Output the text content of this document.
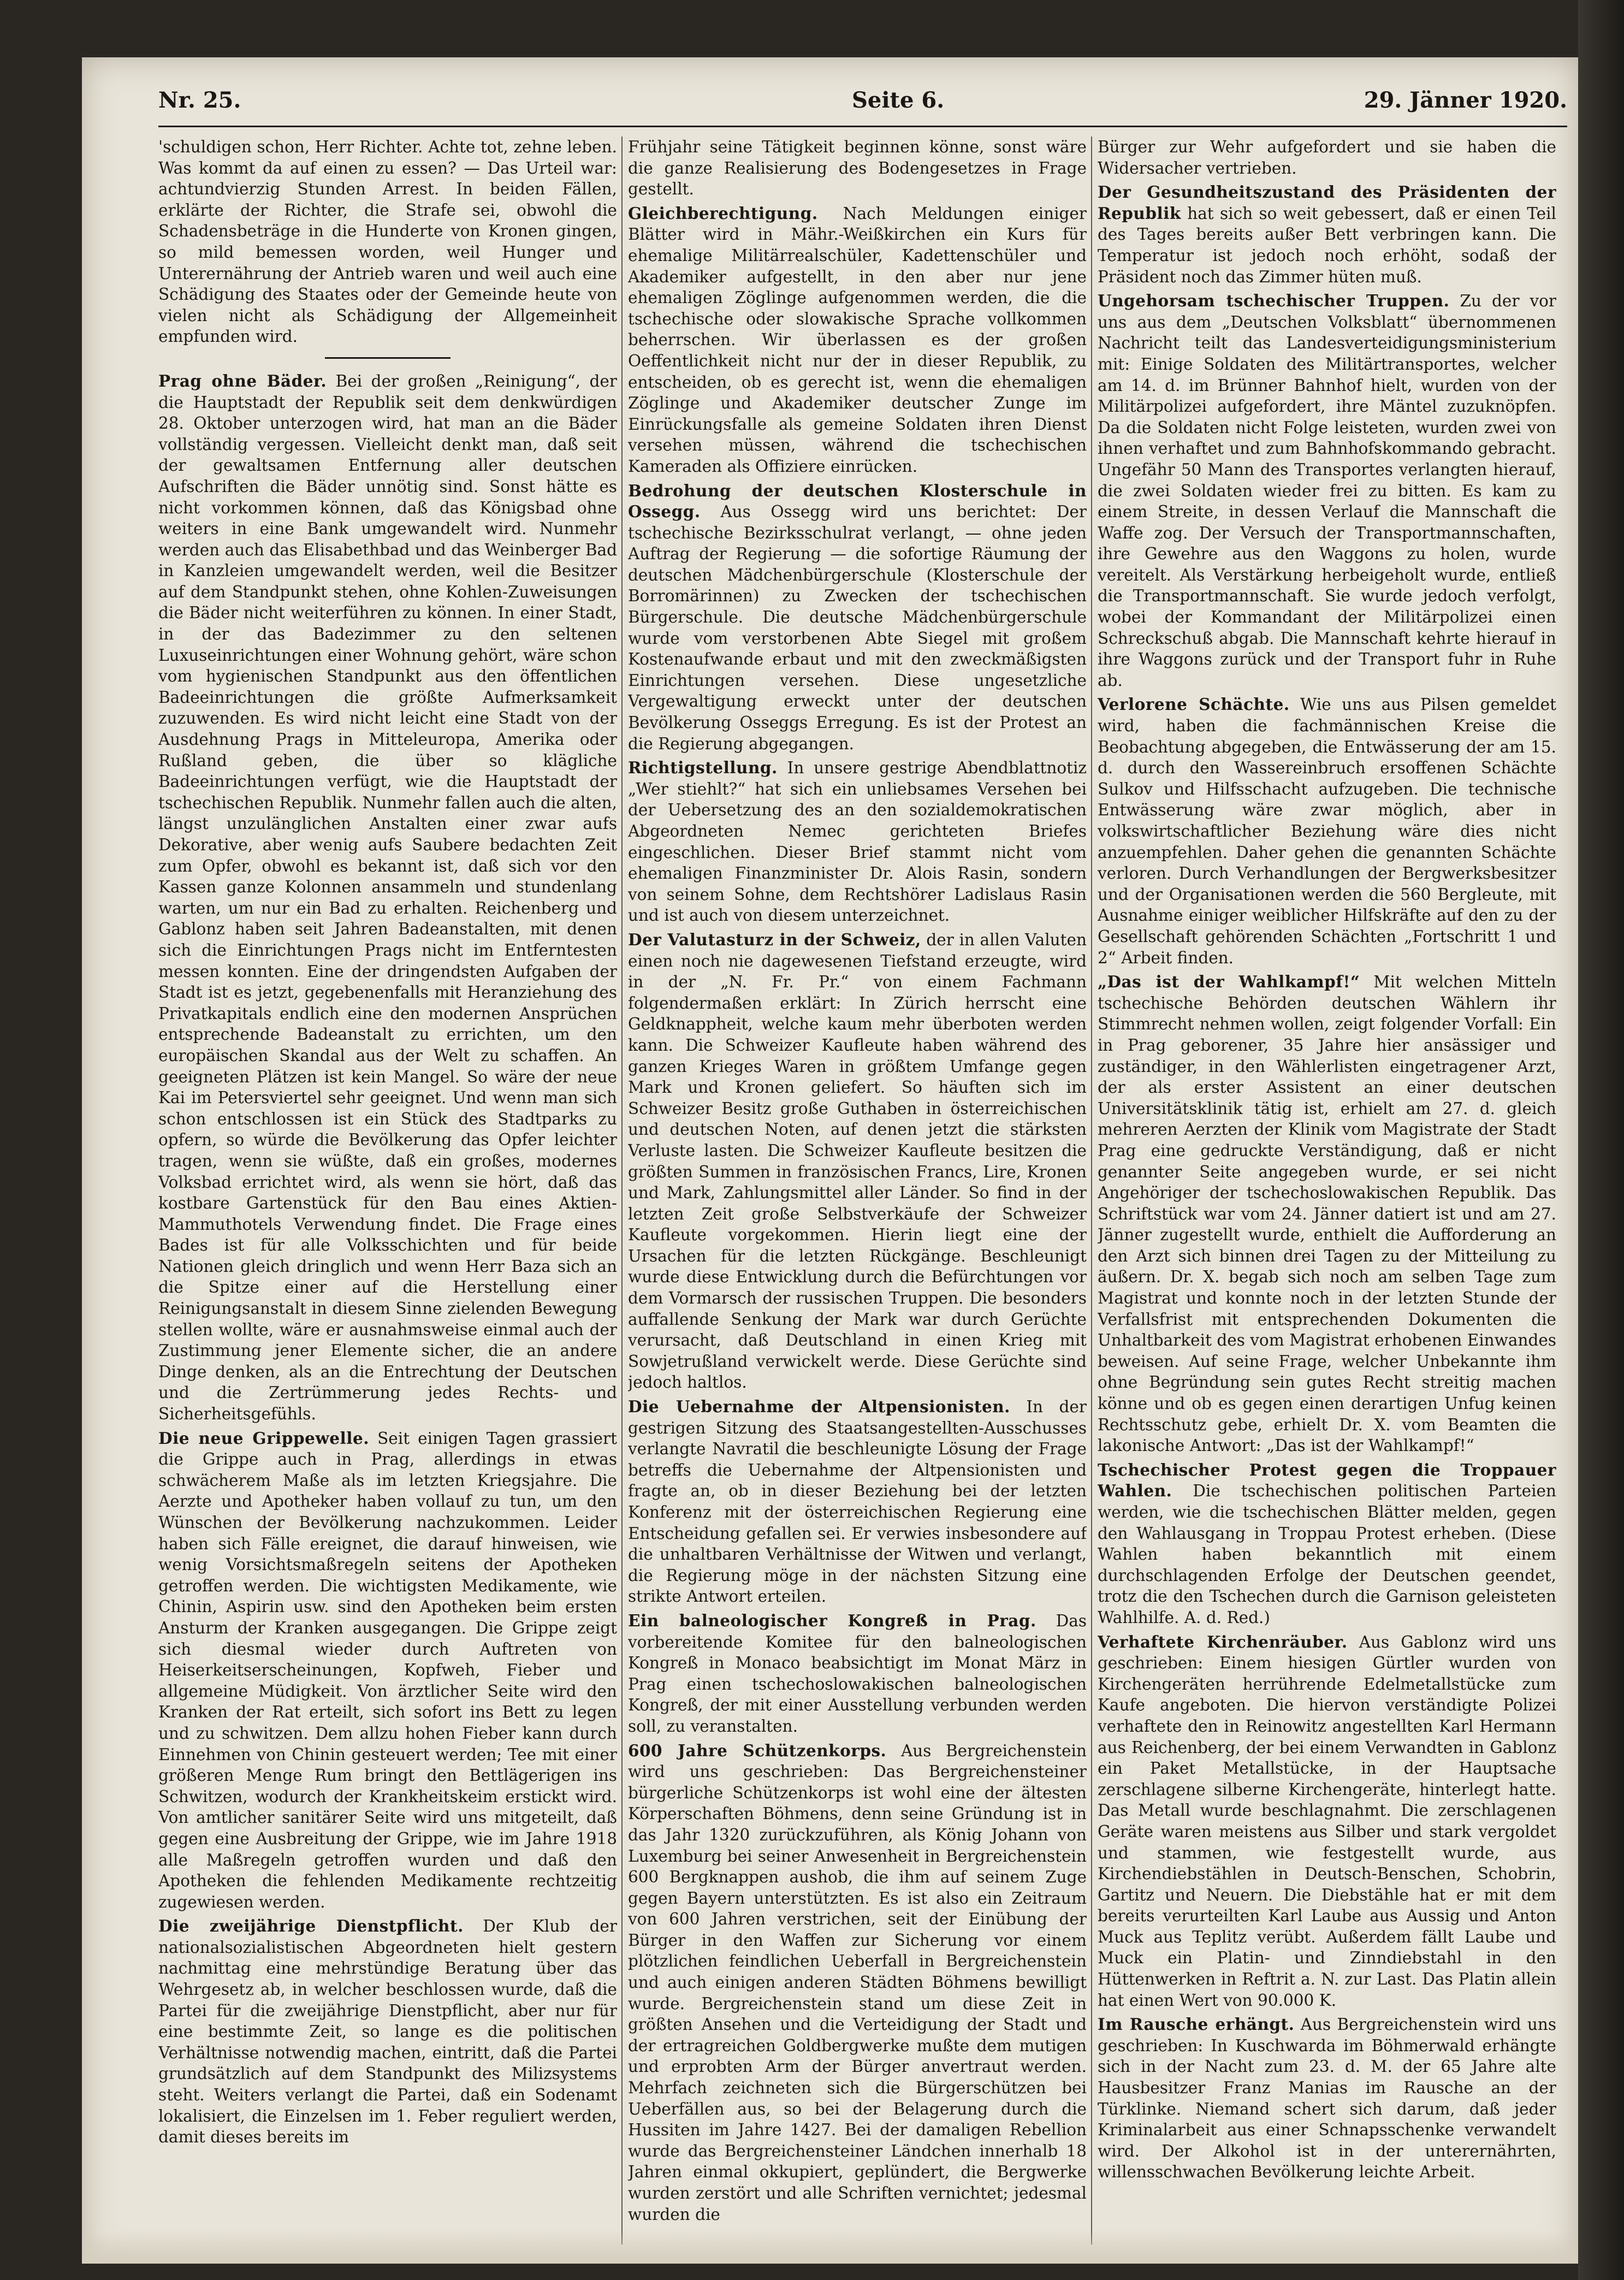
Nr. 25.	Seite 6.	29. Jänner 1920.

'schuldigen schon, Herr Richter. Achte tot, zehne leben. Was kommt da auf einen zu essen? — Das Urteil war: achtundvierzig Stunden Arrest. In beiden Fällen, erklärte der Richter, die Strafe sei, obwohl die Schadensbeträge in die Hunderte von Kronen gingen, so mild bemessen worden, weil Hunger und Unterernährung der Antrieb waren und weil auch eine Schädigung des Staates oder der Gemeinde heute von vielen nicht als Schädigung der Allgemeinheit empfunden wird.

Prag ohne Bäder. Bei der großen „Reinigung“, der die Hauptstadt der Republik seit dem denkwürdigen 28. Oktober unterzogen wird, hat man an die Bäder vollständig vergessen. Vielleicht denkt man, daß seit der gewaltsamen Entfernung aller deutschen Aufschriften die Bäder unnötig sind. Sonst hätte es nicht vorkommen können, daß das Königsbad ohne weiters in eine Bank umgewandelt wird. Nunmehr werden auch das Elisabethbad und das Weinberger Bad in Kanzleien umgewandelt werden, weil die Besitzer auf dem Standpunkt stehen, ohne Kohlen-Zuweisungen die Bäder nicht weiterführen zu können. In einer Stadt, in der das Badezimmer zu den seltenen Luxuseinrichtungen einer Wohnung gehört, wäre schon vom hygienischen Standpunkt aus den öffentlichen Badeeinrichtungen die größte Aufmerksamkeit zuzuwenden. Es wird nicht leicht eine Stadt von der Ausdehnung Prags in Mitteleuropa, Amerika oder Rußland geben, die über so klägliche Badeeinrichtungen verfügt, wie die Hauptstadt der tschechischen Republik. Nunmehr fallen auch die alten, längst unzulänglichen Anstalten einer zwar aufs Dekorative, aber wenig aufs Saubere bedachten Zeit zum Opfer, obwohl es bekannt ist, daß sich vor den Kassen ganze Kolonnen ansammeln und stundenlang warten, um nur ein Bad zu erhalten. Reichenberg und Gablonz haben seit Jahren Badeanstalten, mit denen sich die Einrichtungen Prags nicht im Entferntesten messen konnten. Eine der dringendsten Aufgaben der Stadt ist es jetzt, gegebenenfalls mit Heranziehung des Privatkapitals endlich eine den modernen Ansprüchen entsprechende Badeanstalt zu errichten, um den europäischen Skandal aus der Welt zu schaffen. An geeigneten Plätzen ist kein Mangel. So wäre der neue Kai im Petersviertel sehr geeignet. Und wenn man sich schon entschlossen ist ein Stück des Stadtparks zu opfern, so würde die Bevölkerung das Opfer leichter tragen, wenn sie wüßte, daß ein großes, modernes Volksbad errichtet wird, als wenn sie hört, daß das kostbare Gartenstück für den Bau eines Aktien-Mammuthotels Verwendung findet. Die Frage eines Bades ist für alle Volksschichten und für beide Nationen gleich dringlich und wenn Herr Baza sich an die Spitze einer auf die Herstellung einer Reinigungsanstalt in diesem Sinne zielenden Bewegung stellen wollte, wäre er ausnahmsweise einmal auch der Zustimmung jener Elemente sicher, die an andere Dinge denken, als an die Entrechtung der Deutschen und die Zertrümmerung jedes Rechts- und Sicherheitsgefühls.

Die neue Grippewelle. Seit einigen Tagen grassiert die Grippe auch in Prag, allerdings in etwas schwächerem Maße als im letzten Kriegsjahre. Die Aerzte und Apotheker haben vollauf zu tun, um den Wünschen der Bevölkerung nachzukommen. Leider haben sich Fälle ereignet, die darauf hinweisen, wie wenig Vorsichtsmaßregeln seitens der Apotheken getroffen werden. Die wichtigsten Medikamente, wie Chinin, Aspirin usw. sind den Apotheken beim ersten Ansturm der Kranken ausgegangen. Die Grippe zeigt sich diesmal wieder durch Auftreten von Heiserkeitserscheinungen, Kopfweh, Fieber und allgemeine Müdigkeit. Von ärztlicher Seite wird den Kranken der Rat erteilt, sich sofort ins Bett zu legen und zu schwitzen. Dem allzu hohen Fieber kann durch Einnehmen von Chinin gesteuert werden; Tee mit einer größeren Menge Rum bringt den Bettlägerigen ins Schwitzen, wodurch der Krankheitskeim erstickt wird. Von amtlicher sanitärer Seite wird uns mitgeteilt, daß gegen eine Ausbreitung der Grippe, wie im Jahre 1918 alle Maßregeln getroffen wurden und daß den Apotheken die fehlenden Medikamente rechtzeitig zugewiesen werden.

Die zweijährige Dienstpflicht. Der Klub der nationalsozialistischen Abgeordneten hielt gestern nachmittag eine mehrstündige Beratung über das Wehrgesetz ab, in welcher beschlossen wurde, daß die Partei für die zweijährige Dienstpflicht, aber nur für eine bestimmte Zeit, so lange es die politischen Verhältnisse notwendig machen, eintritt, daß die Partei grundsätzlich auf dem Standpunkt des Milizsystems steht. Weiters verlangt die Partei, daß ein Sodenamt lokalisiert, die Einzelsen im 1. Feber reguliert werden, damit dieses bereits im

Frühjahr seine Tätigkeit beginnen könne, sonst wäre die ganze Realisierung des Bodengesetzes in Frage gestellt.

Gleichberechtigung. Nach Meldungen einiger Blätter wird in Mähr.-Weißkirchen ein Kurs für ehemalige Militärrealschüler, Kadettenschüler und Akademiker aufgestellt, in den aber nur jene ehemaligen Zöglinge aufgenommen werden, die die tschechische oder slowakische Sprache vollkommen beherrschen. Wir überlassen es der großen Oeffentlichkeit nicht nur der in dieser Republik, zu entscheiden, ob es gerecht ist, wenn die ehemaligen Zöglinge und Akademiker deutscher Zunge im Einrückungsfalle als gemeine Soldaten ihren Dienst versehen müssen, während die tschechischen Kameraden als Offiziere einrücken.

Bedrohung der deutschen Klosterschule in Ossegg. Aus Ossegg wird uns berichtet: Der tschechische Bezirksschulrat verlangt, — ohne jeden Auftrag der Regierung — die sofortige Räumung der deutschen Mädchenbürgerschule (Klosterschule der Borromärinnen) zu Zwecken der tschechischen Bürgerschule. Die deutsche Mädchenbürgerschule wurde vom verstorbenen Abte Siegel mit großem Kostenaufwande erbaut und mit den zweckmäßigsten Einrichtungen versehen. Diese ungesetzliche Vergewaltigung erweckt unter der deutschen Bevölkerung Osseggs Erregung. Es ist der Protest an die Regierung abgegangen.

Richtigstellung. In unsere gestrige Abendblattnotiz „Wer stiehlt?“ hat sich ein unliebsames Versehen bei der Uebersetzung des an den sozialdemokratischen Abgeordneten Nemec gerichteten Briefes eingeschlichen. Dieser Brief stammt nicht vom ehemaligen Finanzminister Dr. Alois Rasin, sondern von seinem Sohne, dem Rechtshörer Ladislaus Rasin und ist auch von diesem unterzeichnet.

Der Valutasturz in der Schweiz, der in allen Valuten einen noch nie dagewesenen Tiefstand erzeugte, wird in der „N. Fr. Pr.“ von einem Fachmann folgendermaßen erklärt: In Zürich herrscht eine Geldknappheit, welche kaum mehr überboten werden kann. Die Schweizer Kaufleute haben während des ganzen Krieges Waren in größtem Umfange gegen Mark und Kronen geliefert. So häuften sich im Schweizer Besitz große Guthaben in österreichischen und deutschen Noten, auf denen jetzt die stärksten Verluste lasten. Die Schweizer Kaufleute besitzen die größten Summen in französischen Francs, Lire, Kronen und Mark, Zahlungsmittel aller Länder. So find in der letzten Zeit große Selbstverkäufe der Schweizer Kaufleute vorgekommen. Hierin liegt eine der Ursachen für die letzten Rückgänge. Beschleunigt wurde diese Entwicklung durch die Befürchtungen vor dem Vormarsch der russischen Truppen. Die besonders auffallende Senkung der Mark war durch Gerüchte verursacht, daß Deutschland in einen Krieg mit Sowjetrußland verwickelt werde. Diese Gerüchte sind jedoch haltlos.

Die Uebernahme der Altpensionisten. In der gestrigen Sitzung des Staatsangestellten-Ausschusses verlangte Navratil die beschleunigte Lösung der Frage betreffs die Uebernahme der Altpensionisten und fragte an, ob in dieser Beziehung bei der letzten Konferenz mit der österreichischen Regierung eine Entscheidung gefallen sei. Er verwies insbesondere auf die unhaltbaren Verhältnisse der Witwen und verlangt, die Regierung möge in der nächsten Sitzung eine strikte Antwort erteilen.

Ein balneologischer Kongreß in Prag. Das vorbereitende Komitee für den balneologischen Kongreß in Monaco beabsichtigt im Monat März in Prag einen tschechoslowakischen balneologischen Kongreß, der mit einer Ausstellung verbunden werden soll, zu veranstalten.

600 Jahre Schützenkorps. Aus Bergreichenstein wird uns geschrieben: Das Bergreichensteiner bürgerliche Schützenkorps ist wohl eine der ältesten Körperschaften Böhmens, denn seine Gründung ist in das Jahr 1320 zurückzuführen, als König Johann von Luxemburg bei seiner Anwesenheit in Bergreichenstein 600 Bergknappen aushob, die ihm auf seinem Zuge gegen Bayern unterstützten. Es ist also ein Zeitraum von 600 Jahren verstrichen, seit der Einübung der Bürger in den Waffen zur Sicherung vor einem plötzlichen feindlichen Ueberfall in Bergreichenstein und auch einigen anderen Städten Böhmens bewilligt wurde. Bergreichenstein stand um diese Zeit in größten Ansehen und die Verteidigung der Stadt und der ertragreichen Goldbergwerke mußte dem mutigen und erprobten Arm der Bürger anvertraut werden. Mehrfach zeichneten sich die Bürgerschützen bei Ueberfällen aus, so bei der Belagerung durch die Hussiten im Jahre 1427. Bei der damaligen Rebellion wurde das Bergreichensteiner Ländchen innerhalb 18 Jahren einmal okkupiert, geplündert, die Bergwerke wurden zerstört und alle Schriften vernichtet; jedesmal wurden die

Bürger zur Wehr aufgefordert und sie haben die Widersacher vertrieben.

Der Gesundheitszustand des Präsidenten der Republik hat sich so weit gebessert, daß er einen Teil des Tages bereits außer Bett verbringen kann. Die Temperatur ist jedoch noch erhöht, sodaß der Präsident noch das Zimmer hüten muß.

Ungehorsam tschechischer Truppen. Zu der vor uns aus dem „Deutschen Volksblatt“ übernommenen Nachricht teilt das Landesverteidigungsministerium mit: Einige Soldaten des Militärtransportes, welcher am 14. d. im Brünner Bahnhof hielt, wurden von der Militärpolizei aufgefordert, ihre Mäntel zuzuknöpfen. Da die Soldaten nicht Folge leisteten, wurden zwei von ihnen verhaftet und zum Bahnhofskommando gebracht. Ungefähr 50 Mann des Transportes verlangten hierauf, die zwei Soldaten wieder frei zu bitten. Es kam zu einem Streite, in dessen Verlauf die Mannschaft die Waffe zog. Der Versuch der Transportmannschaften, ihre Gewehre aus den Waggons zu holen, wurde vereitelt. Als Verstärkung herbeigeholt wurde, entließ die Transportmannschaft. Sie wurde jedoch verfolgt, wobei der Kommandant der Militärpolizei einen Schreckschuß abgab. Die Mannschaft kehrte hierauf in ihre Waggons zurück und der Transport fuhr in Ruhe ab.

Verlorene Schächte. Wie uns aus Pilsen gemeldet wird, haben die fachmännischen Kreise die Beobachtung abgegeben, die Entwässerung der am 15. d. durch den Wassereinbruch ersoffenen Schächte Sulkov und Hilfsschacht aufzugeben. Die technische Entwässerung wäre zwar möglich, aber in volkswirtschaftlicher Beziehung wäre dies nicht anzuempfehlen. Daher gehen die genannten Schächte verloren. Durch Verhandlungen der Bergwerksbesitzer und der Organisationen werden die 560 Bergleute, mit Ausnahme einiger weiblicher Hilfskräfte auf den zu der Gesellschaft gehörenden Schächten „Fortschritt 1 und 2“ Arbeit finden.

„Das ist der Wahlkampf!“ Mit welchen Mitteln tschechische Behörden deutschen Wählern ihr Stimmrecht nehmen wollen, zeigt folgender Vorfall: Ein in Prag geborener, 35 Jahre hier ansässiger und zuständiger, in den Wählerlisten eingetragener Arzt, der als erster Assistent an einer deutschen Universitätsklinik tätig ist, erhielt am 27. d. gleich mehreren Aerzten der Klinik vom Magistrate der Stadt Prag eine gedruckte Verständigung, daß er nicht genannter Seite angegeben wurde, er sei nicht Angehöriger der tschechoslowakischen Republik. Das Schriftstück war vom 24. Jänner datiert ist und am 27. Jänner zugestellt wurde, enthielt die Aufforderung an den Arzt sich binnen drei Tagen zu der Mitteilung zu äußern. Dr. X. begab sich noch am selben Tage zum Magistrat und konnte noch in der letzten Stunde der Verfallsfrist mit entsprechenden Dokumenten die Unhaltbarkeit des vom Magistrat erhobenen Einwandes beweisen. Auf seine Frage, welcher Unbekannte ihm ohne Begründung sein gutes Recht streitig machen könne und ob es gegen einen derartigen Unfug keinen Rechtsschutz gebe, erhielt Dr. X. vom Beamten die lakonische Antwort: „Das ist der Wahlkampf!“

Tschechischer Protest gegen die Troppauer Wahlen. Die tschechischen politischen Parteien werden, wie die tschechischen Blätter melden, gegen den Wahlausgang in Troppau Protest erheben. (Diese Wahlen haben bekanntlich mit einem durchschlagenden Erfolge der Deutschen geendet, trotz die den Tschechen durch die Garnison geleisteten Wahlhilfe. A. d. Red.)

Verhaftete Kirchenräuber. Aus Gablonz wird uns geschrieben: Einem hiesigen Gürtler wurden von Kirchengeräten herrührende Edelmetallstücke zum Kaufe angeboten. Die hiervon verständigte Polizei verhaftete den in Reinowitz angestellten Karl Hermann aus Reichenberg, der bei einem Verwandten in Gablonz ein Paket Metallstücke, in der Hauptsache zerschlagene silberne Kirchengeräte, hinterlegt hatte. Das Metall wurde beschlagnahmt. Die zerschlagenen Geräte waren meistens aus Silber und stark vergoldet und stammen, wie festgestellt wurde, aus Kirchendiebstählen in Deutsch-Benschen, Schobrin, Gartitz und Neuern. Die Diebstähle hat er mit dem bereits verurteilten Karl Laube aus Aussig und Anton Muck aus Teplitz verübt. Außerdem fällt Laube und Muck ein Platin- und Zinndiebstahl in den Hüttenwerken in Reftrit a. N. zur Last. Das Platin allein hat einen Wert von 90.000 K.

Im Rausche erhängt. Aus Bergreichenstein wird uns geschrieben: In Kuschwarda im Böhmerwald erhängte sich in der Nacht zum 23. d. M. der 65 Jahre alte Hausbesitzer Franz Manias im Rausche an der Türklinke. Niemand schert sich darum, daß jeder Kriminalarbeit aus einer Schnapsschenke verwandelt wird. Der Alkohol ist in der unterernährten, willensschwachen Bevölkerung leichte Arbeit.
